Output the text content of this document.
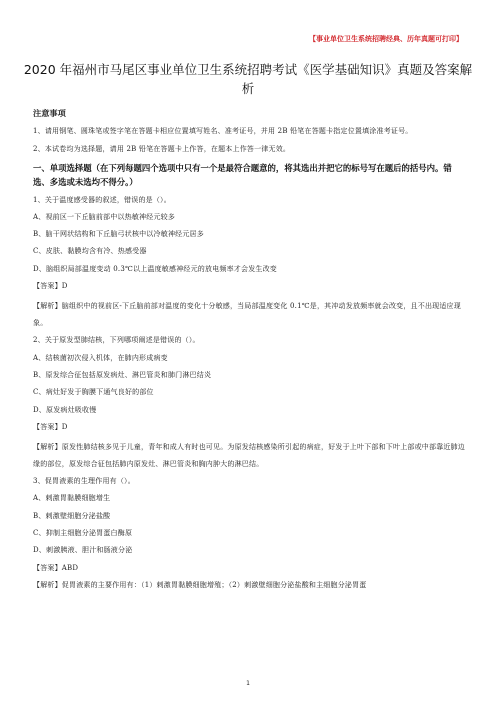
【事业单位卫生系统招聘经典、历年真题可打印】
2020 年福州市马尾区事业单位卫生系统招聘考试《医学基础知识》真题及答案解析
注意事项
1、请用钢笔、圆珠笔或签字笔在答题卡相应位置填写姓名、准考证号，并用 2B 铅笔在答题卡指定位置填涂准考证号。
2、本试卷均为选择题，请用 2B 铅笔在答题卡上作答，在题本上作答一律无效。
一、单项选择题（在下列每题四个选项中只有一个是最符合题意的，将其选出并把它的标号写在题后的括号内。错选、多选或未选均不得分。）
1、关于温度感受器的叙述，错误的是（）。
A、视前区一下丘脑前部中以热敏神经元较多
B、脑干网状结构和下丘脑弓状核中以冷敏神经元居多
C、皮肤、黏膜均含有冷、热感受器
D、脑组织局部温度变动 0.3℃以上温度敏感神经元的放电频率才会发生改变
【答案】D
【解析】脑组织中的视前区-下丘脑前部对温度的变化十分敏感，当局部温度变化 0.1℃是，其冲动发放频率就会改变，且不出现适应现象。
2、关于原发型肺结核，下列哪项阐述是错误的（）。
A、结核菌初次侵入机体，在肺内形成病变
B、原发综合征包括原发病灶、淋巴管炎和肺门淋巴结炎
C、病灶好发于胸膜下通气良好的部位
D、原发病灶吸收慢
【答案】D
【解析】原发性肺结核多见于儿童，青年和成人有时也可见。为原发结核感染所引起的病症，好发于上叶下部和下叶上部或中部靠近肺边缘的部位，原发综合征包括肺内原发灶、淋巴管炎和胸内肿大的淋巴结。
3、促胃液素的生理作用有（）。
A、刺激胃黏膜细胞增生
B、刺激壁细胞分泌盐酸
C、抑制主细胞分泌胃蛋白酶原
D、刺激胰液、胆汁和肠液分泌
【答案】ABD
【解析】促胃液素的主要作用有：（1）刺激胃黏膜细胞增殖；（2）刺激壁细胞分泌盐酸和主细胞分泌胃蛋
1
